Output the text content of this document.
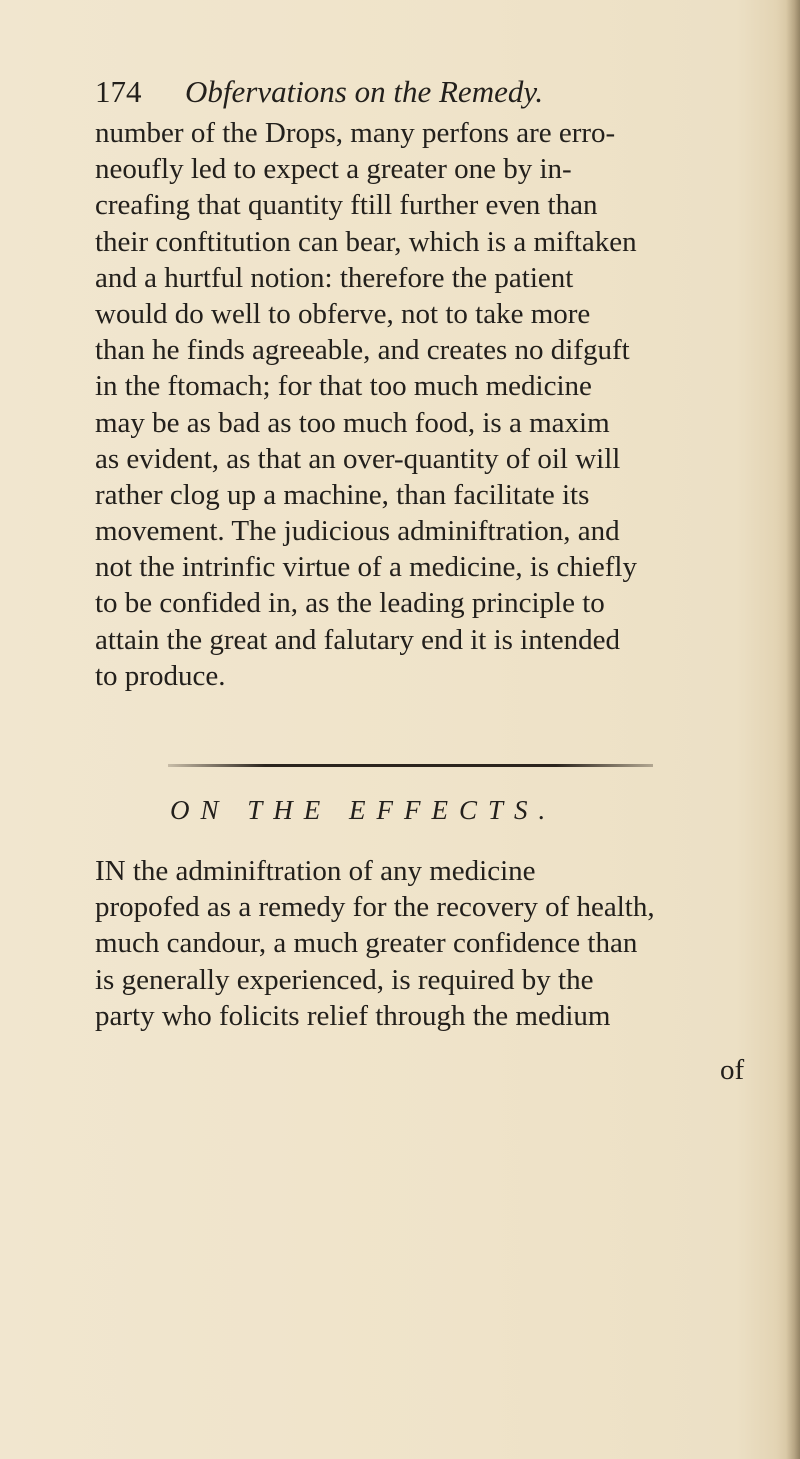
174 Obfervations on the Remedy.
number of the Drops, many perfons are erro-
neoufly led to expect a greater one by in-
creafing that quantity ftill further even than
their conftitution can bear, which is a miftaken
and a hurtful notion: therefore the patient
would do well to obferve, not to take more
than he finds agreeable, and creates no difguft
in the ftomach; for that too much medicine
may be as bad as too much food, is a maxim
as evident, as that an over-quantity of oil will
rather clog up a machine, than facilitate its
movement. The judicious adminiftration, and
not the intrinfic virtue of a medicine, is chiefly
to be confided in, as the leading principle to
attain the great and falutary end it is intended
to produce.
ON THE EFFECTS.
IN the adminiftration of any medicine
propofed as a remedy for the recovery of health,
much candour, a much greater confidence than
is generally experienced, is required by the
party who folicits relief through the medium
of
